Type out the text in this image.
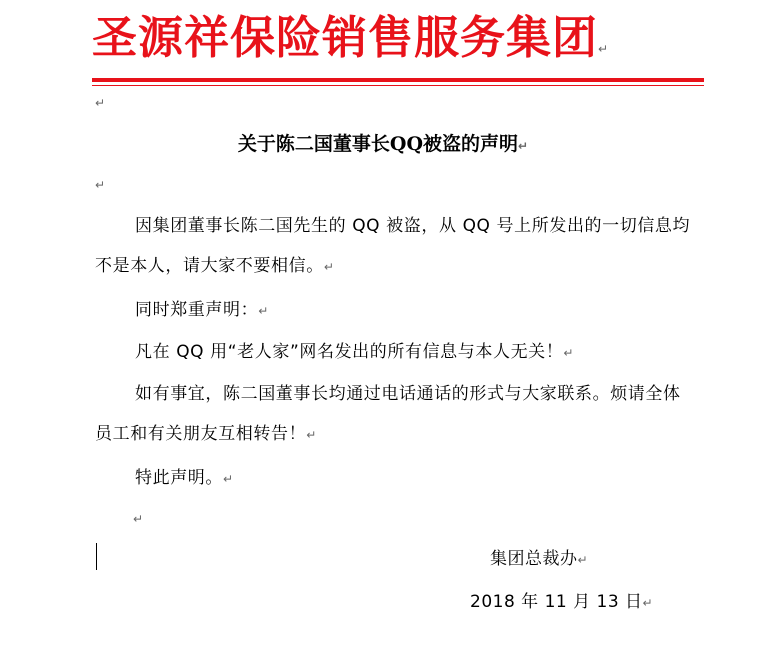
圣源祥保险销售服务集团↵
↵
关于陈二国董事长QQ被盗的声明↵
↵
因集团董事长陈二国先生的 QQ 被盗，从 QQ 号上所发出的一切信息均不是本人，请大家不要相信。↵
同时郑重声明：↵
凡在 QQ 用“老人家”网名发出的所有信息与本人无关！↵
如有事宜，陈二国董事长均通过电话通话的形式与大家联系。烦请全体员工和有关朋友互相转告！↵
特此声明。↵
↵
集团总裁办↵
2018 年 11 月 13 日↵
